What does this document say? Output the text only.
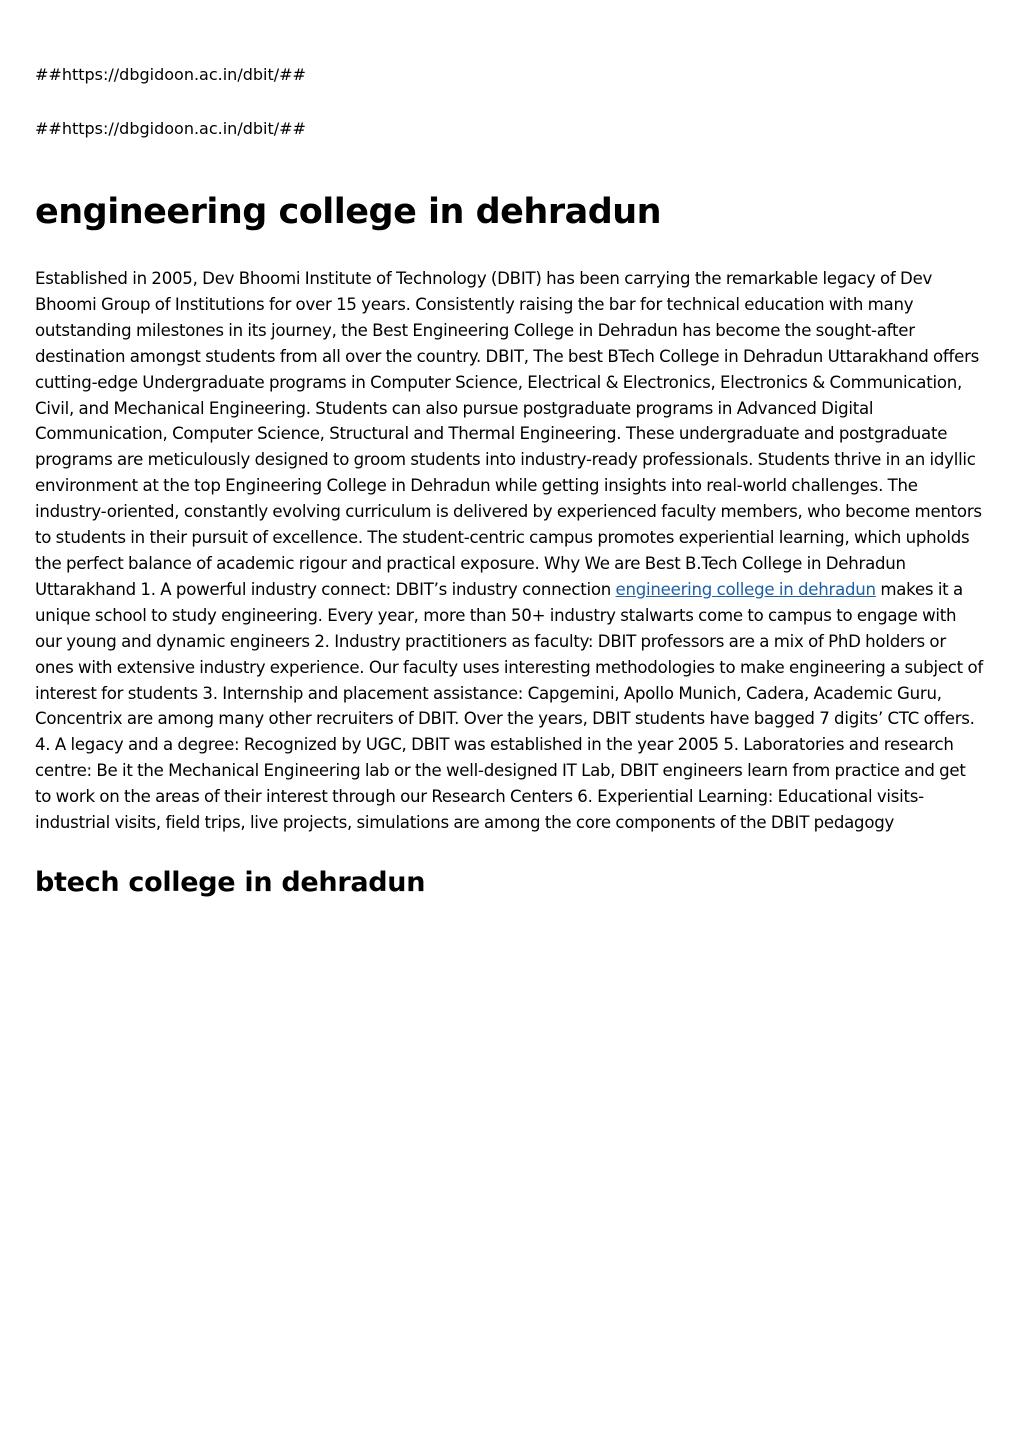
##https://dbgidoon.ac.in/dbit/##
##https://dbgidoon.ac.in/dbit/##
engineering college in dehradun

Established in 2005, Dev Bhoomi Institute of Technology (DBIT) has been carrying the remarkable legacy of Dev Bhoomi Group of Institutions for over 15 years. Consistently raising the bar for technical education with many outstanding milestones in its journey, the Best Engineering College in Dehradun has become the sought-after destination amongst students from all over the country. DBIT, The best BTech College in Dehradun Uttarakhand offers cutting-edge Undergraduate programs in Computer Science, Electrical & Electronics, Electronics & Communication, Civil, and Mechanical Engineering. Students can also pursue postgraduate programs in Advanced Digital Communication, Computer Science, Structural and Thermal Engineering. These undergraduate and postgraduate programs are meticulously designed to groom students into industry-ready professionals. Students thrive in an idyllic environment at the top Engineering College in Dehradun while getting insights into real-world challenges. The industry-oriented, constantly evolving curriculum is delivered by experienced faculty members, who become mentors to students in their pursuit of excellence. The student-centric campus promotes experiential learning, which upholds the perfect balance of academic rigour and practical exposure. Why We are Best B.Tech College in Dehradun Uttarakhand 1. A powerful industry connect: DBIT’s industry connection engineering college in dehradun makes it a unique school to study engineering. Every year, more than 50+ industry stalwarts come to campus to engage with our young and dynamic engineers 2. Industry practitioners as faculty: DBIT professors are a mix of PhD holders or ones with extensive industry experience. Our faculty uses interesting methodologies to make engineering a subject of interest for students 3. Internship and placement assistance: Capgemini, Apollo Munich, Cadera, Academic Guru, Concentrix are among many other recruiters of DBIT. Over the years, DBIT students have bagged 7 digits’ CTC offers. 4. A legacy and a degree: Recognized by UGC, DBIT was established in the year 2005 5. Laboratories and research centre: Be it the Mechanical Engineering lab or the well-designed IT Lab, DBIT engineers learn from practice and get to work on the areas of their interest through our Research Centers 6. Experiential Learning: Educational visits- industrial visits, field trips, live projects, simulations are among the core components of the DBIT pedagogy

btech college in dehradun
